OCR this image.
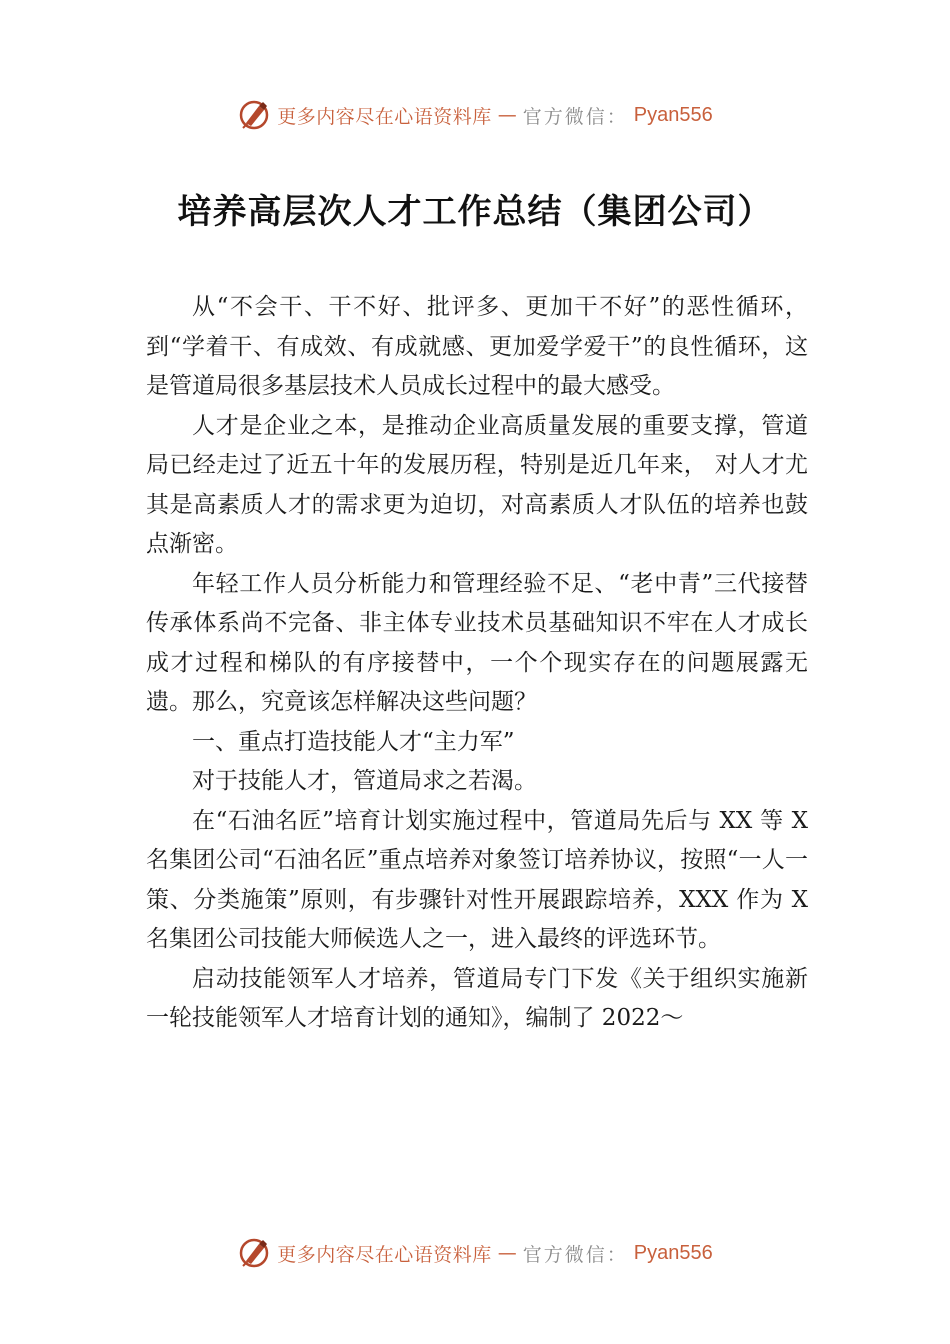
更多内容尽在心语资料库 — 官方微信： Pyan556
培养高层次人才工作总结（集团公司）

从“不会干、干不好、批评多、更加干不好”的恶性循环，到“学着干、有成效、有成就感、更加爱学爱干”的良性循环，这是管道局很多基层技术人员成长过程中的最大感受。

人才是企业之本，是推动企业高质量发展的重要支撑，管道局已经走过了近五十年的发展历程，特别是近几年来， 对人才尤其是高素质人才的需求更为迫切，对高素质人才队伍的培养也鼓点渐密。

年轻工作人员分析能力和管理经验不足、“老中青”三代接替传承体系尚不完备、非主体专业技术员基础知识不牢在人才成长成才过程和梯队的有序接替中，一个个现实存在的问题展露无遗。那么，究竟该怎样解决这些问题？

一、重点打造技能人才“主力军”

对于技能人才，管道局求之若渴。

在“石油名匠”培育计划实施过程中，管道局先后与 XX 等 X 名集团公司“石油名匠”重点培养对象签订培养协议，按照“一人一策、分类施策”原则，有步骤针对性开展跟踪培养，XXX 作为 X 名集团公司技能大师候选人之一，进入最终的评选环节。

启动技能领军人才培养，管道局专门下发《关于组织实施新一轮技能领军人才培育计划的通知》，编制了 2022～

更多内容尽在心语资料库 — 官方微信： Pyan556
